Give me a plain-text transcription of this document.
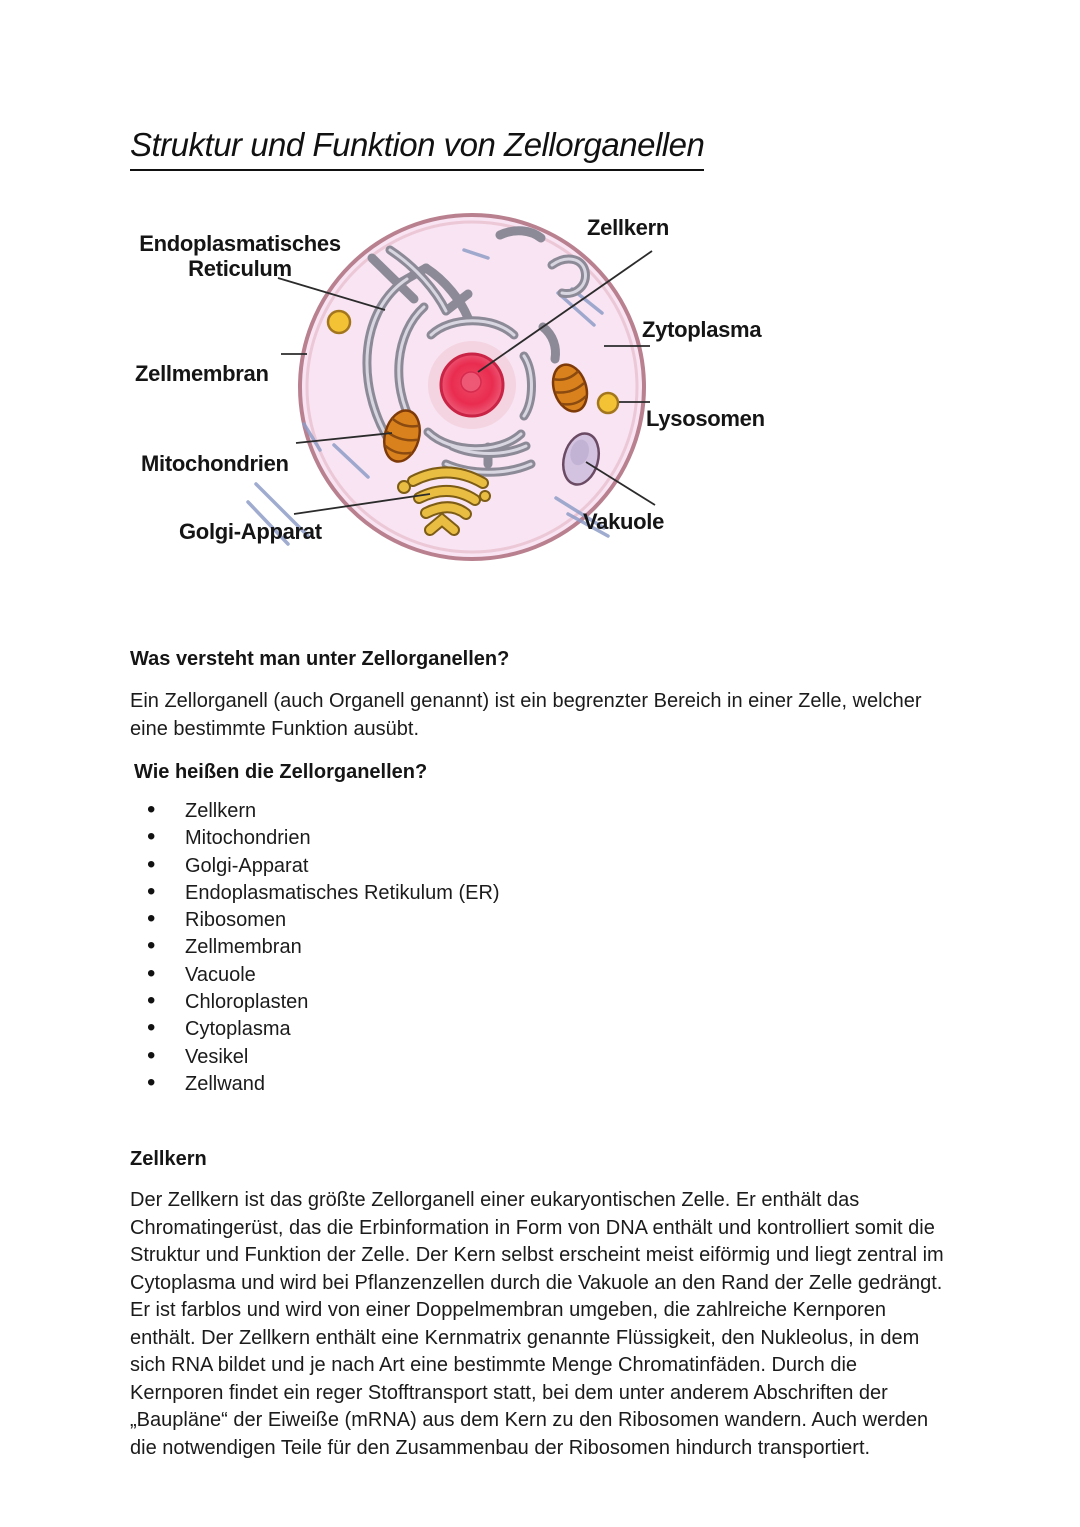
Struktur und Funktion von Zellorganellen
Endoplasmatisches
Reticulum
Zellkern
Zytoplasma
Zellmembran
Lysosomen
Mitochondrien
Golgi-Apparat	Vakuole
Was versteht man unter Zellorganellen?

Ein Zellorganell (auch Organell genannt) ist ein begrenzter Bereich in einer Zelle, welcher eine bestimmte Funktion ausübt.

Wie heißen die Zellorganellen?
• Zellkern
• Mitochondrien
• Golgi-Apparat
• Endoplasmatisches Retikulum (ER)
• Ribosomen
• Zellmembran
• Vacuole
• Chloroplasten
• Cytoplasma
• Vesikel
• Zellwand
Zellkern

Der Zellkern ist das größte Zellorganell einer eukaryontischen Zelle. Er enthält das Chromatingerüst, das die Erbinformation in Form von DNA enthält und kontrolliert somit die Struktur und Funktion der Zelle. Der Kern selbst erscheint meist eiförmig und liegt zentral im Cytoplasma und wird bei Pflanzenzellen durch die Vakuole an den Rand der Zelle gedrängt. Er ist farblos und wird von einer Doppelmembran umgeben, die zahlreiche Kernporen enthält. Der Zellkern enthält eine Kernmatrix genannte Flüssigkeit, den Nukleolus, in dem sich RNA bildet und je nach Art eine bestimmte Menge Chromatinfäden. Durch die Kernporen findet ein reger Stofftransport statt, bei dem unter anderem Abschriften der „Baupläne“ der Eiweiße (mRNA) aus dem Kern zu den Ribosomen wandern. Auch werden die notwendigen Teile für den Zusammenbau der Ribosomen hindurch transportiert.
